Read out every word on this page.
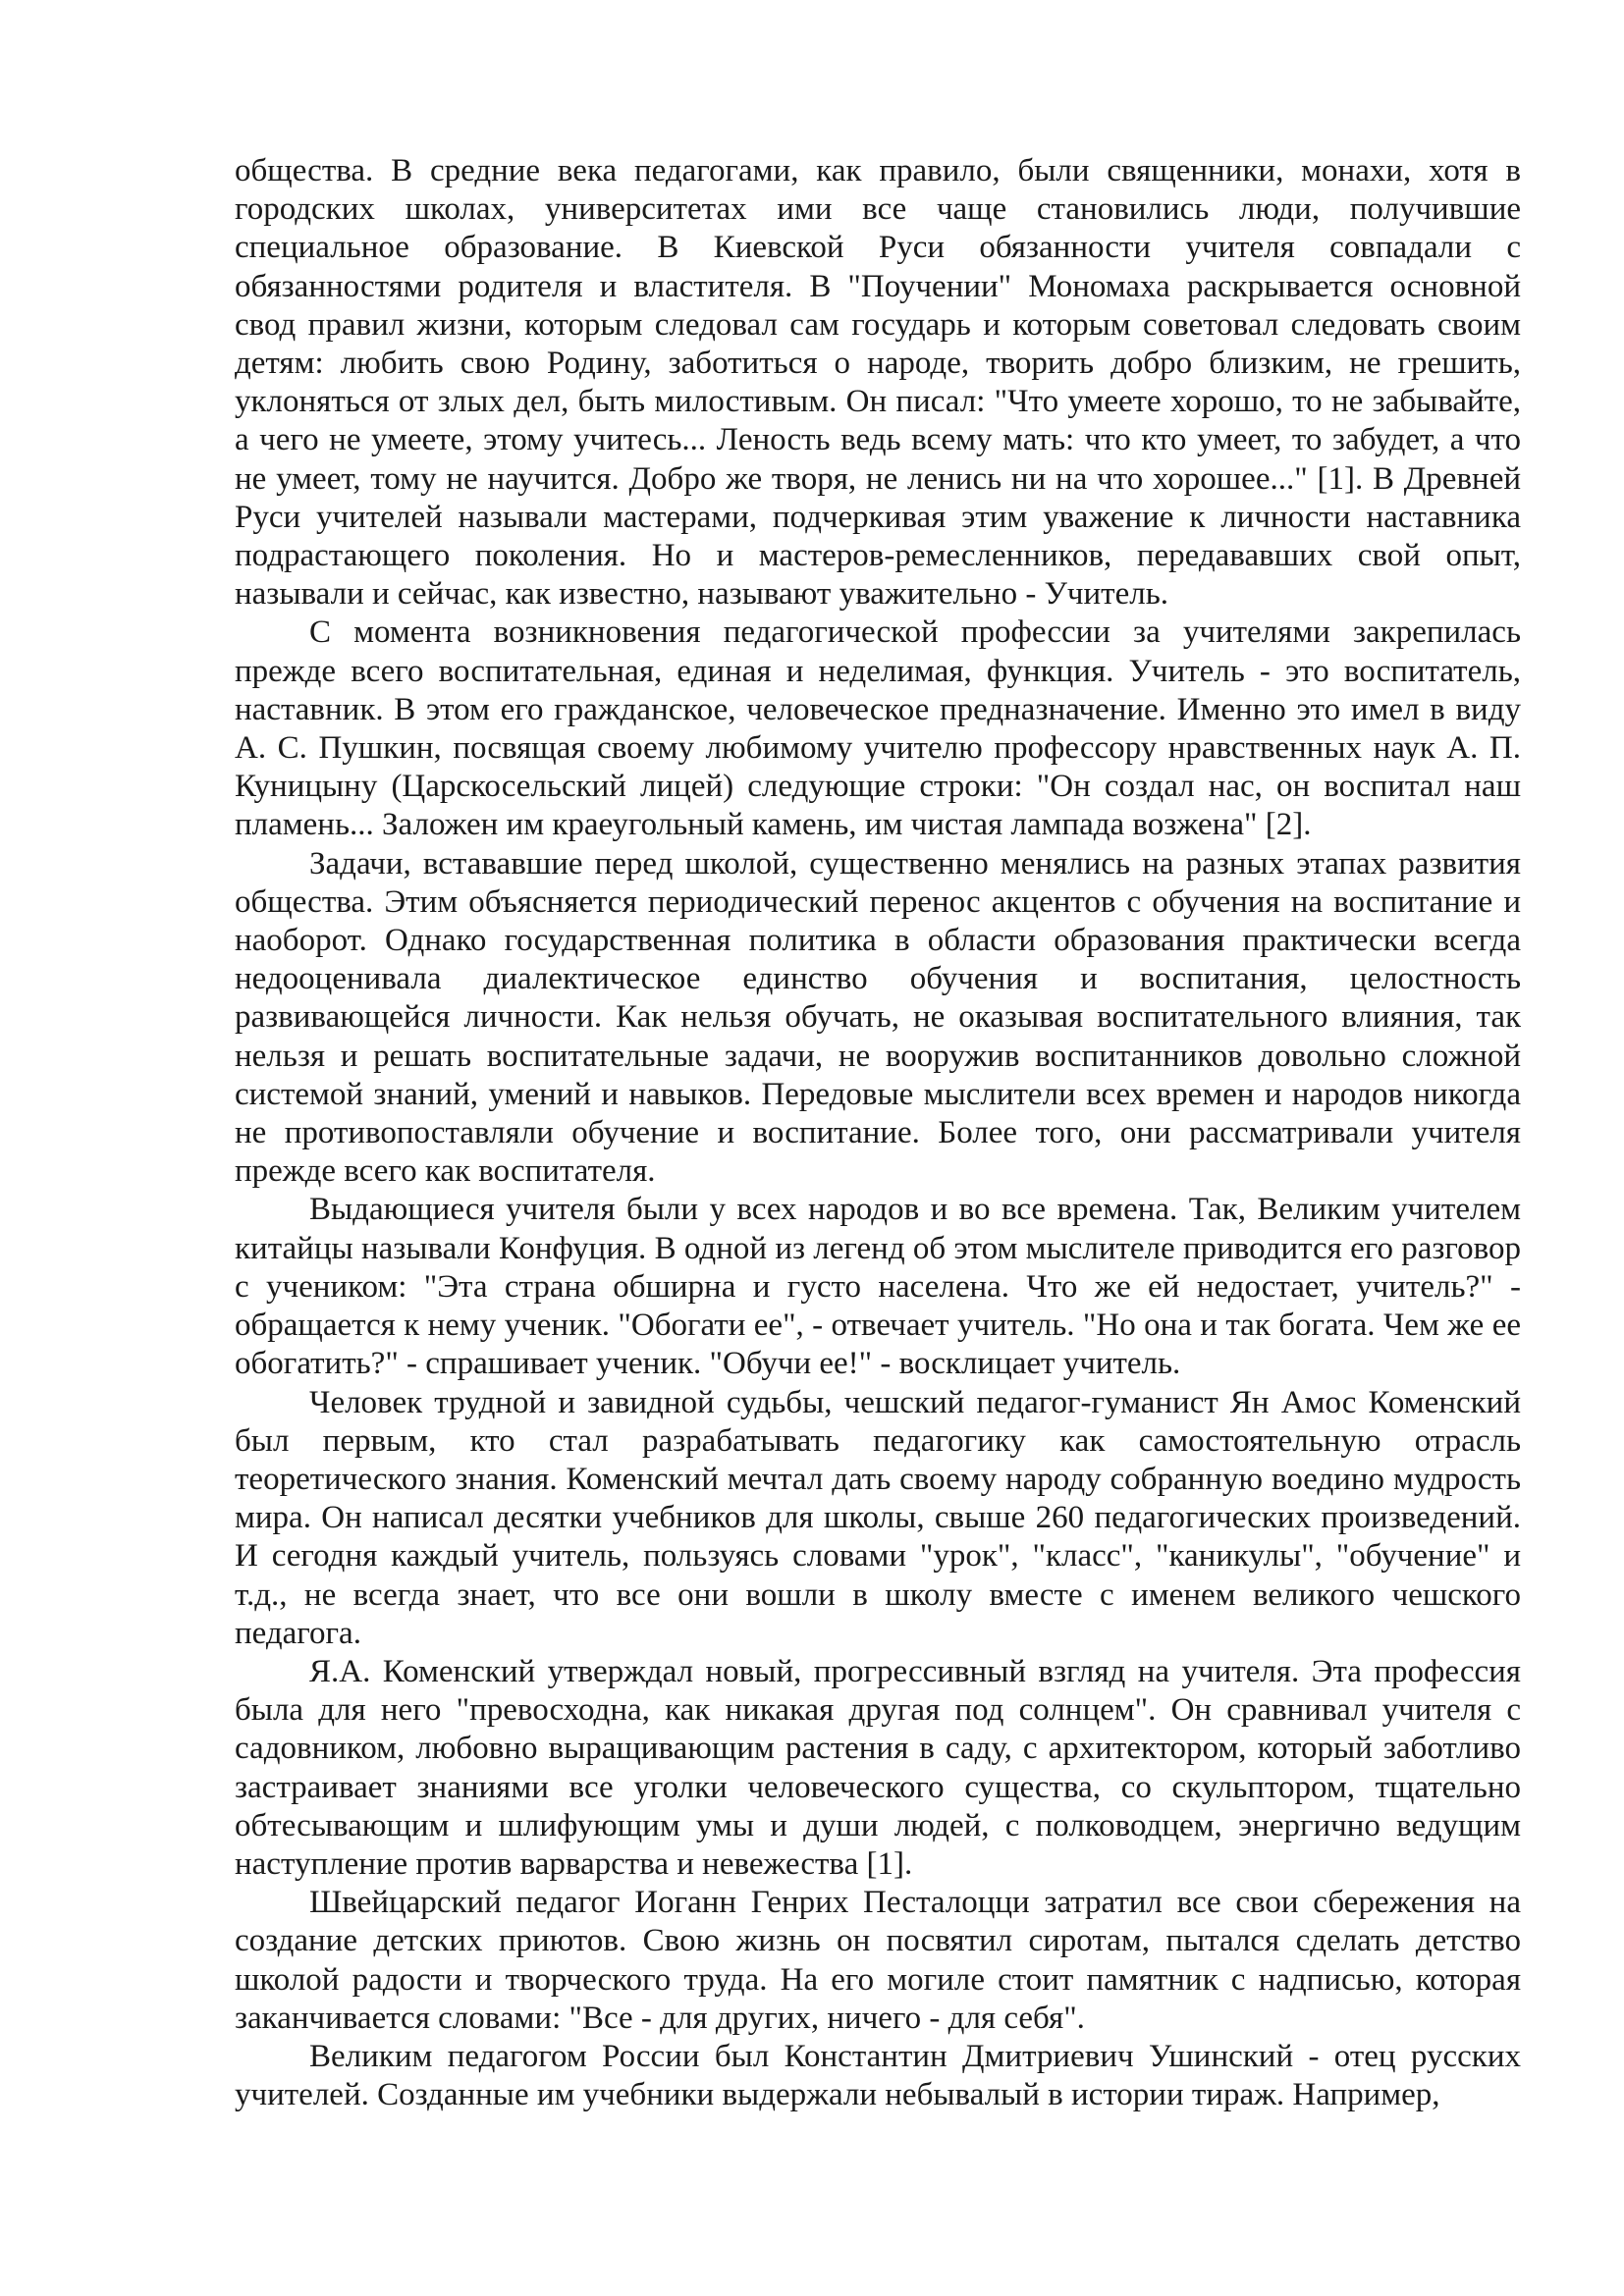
общества. В средние века педагогами, как правило, были священники, монахи, хотя в городских школах, университетах ими все чаще становились люди, получившие специальное образование. В Киевской Руси обязанности учителя совпадали с обязанностями родителя и властителя. В "Поучении" Мономаха раскрывается основной свод правил жизни, которым следовал сам государь и которым советовал следовать своим детям: любить свою Родину, заботиться о народе, творить добро близким, не грешить, уклоняться от злых дел, быть милостивым. Он писал: "Что умеете хорошо, то не забывайте, а чего не умеете, этому учитесь... Леность ведь всему мать: что кто умеет, то забудет, а что не умеет, тому не научится. Добро же творя, не ленись ни на что хорошее..." [1]. В Древней Руси учителей называли мастерами, подчеркивая этим уважение к личности наставника подрастающего поколения. Но и мастеров-ремесленников, передававших свой опыт, называли и сейчас, как известно, называют уважительно - Учитель.

С момента возникновения педагогической профессии за учителями закрепилась прежде всего воспитательная, единая и неделимая, функция. Учитель - это воспитатель, наставник. В этом его гражданское, человеческое предназначение. Именно это имел в виду А. С. Пушкин, посвящая своему любимому учителю профессору нравственных наук А. П. Куницыну (Царскосельский лицей) следующие строки: "Он создал нас, он воспитал наш пламень... Заложен им краеугольный камень, им чистая лампада возжена" [2].

Задачи, встававшие перед школой, существенно менялись на разных этапах развития общества. Этим объясняется периодический перенос акцентов с обучения на воспитание и наоборот. Однако государственная политика в области образования практически всегда недооценивала диалектическое единство обучения и воспитания, целостность развивающейся личности. Как нельзя обучать, не оказывая воспитательного влияния, так нельзя и решать воспитательные задачи, не вооружив воспитанников довольно сложной системой знаний, умений и навыков. Передовые мыслители всех времен и народов никогда не противопоставляли обучение и воспитание. Более того, они рассматривали учителя прежде всего как воспитателя.

Выдающиеся учителя были у всех народов и во все времена. Так, Великим учителем китайцы называли Конфуция. В одной из легенд об этом мыслителе приводится его разговор с учеником: "Эта страна обширна и густо населена. Что же ей недостает, учитель?" - обращается к нему ученик. "Обогати ее", - отвечает учитель. "Но она и так богата. Чем же ее обогатить?" - спрашивает ученик. "Обучи ее!" - восклицает учитель.

Человек трудной и завидной судьбы, чешский педагог-гуманист Ян Амос Коменский был первым, кто стал разрабатывать педагогику как самостоятельную отрасль теоретического знания. Коменский мечтал дать своему народу собранную воедино мудрость мира. Он написал десятки учебников для школы, свыше 260 педагогических произведений. И сегодня каждый учитель, пользуясь словами "урок", "класс", "каникулы", "обучение" и т.д., не всегда знает, что все они вошли в школу вместе с именем великого чешского педагога.

Я.А. Коменский утверждал новый, прогрессивный взгляд на учителя. Эта профессия была для него "превосходна, как никакая другая под солнцем". Он сравнивал учителя с садовником, любовно выращивающим растения в саду, с архитектором, который заботливо застраивает знаниями все уголки человеческого существа, со скульптором, тщательно обтесывающим и шлифующим умы и души людей, с полководцем, энергично ведущим наступление против варварства и невежества [1].

Швейцарский педагог Иоганн Генрих Песталоцци затратил все свои сбережения на создание детских приютов. Свою жизнь он посвятил сиротам, пытался сделать детство школой радости и творческого труда. На его могиле стоит памятник с надписью, которая заканчивается словами: "Все - для других, ничего - для себя".

Великим педагогом России был Константин Дмитриевич Ушинский - отец русских учителей. Созданные им учебники выдержали небывалый в истории тираж. Например,
